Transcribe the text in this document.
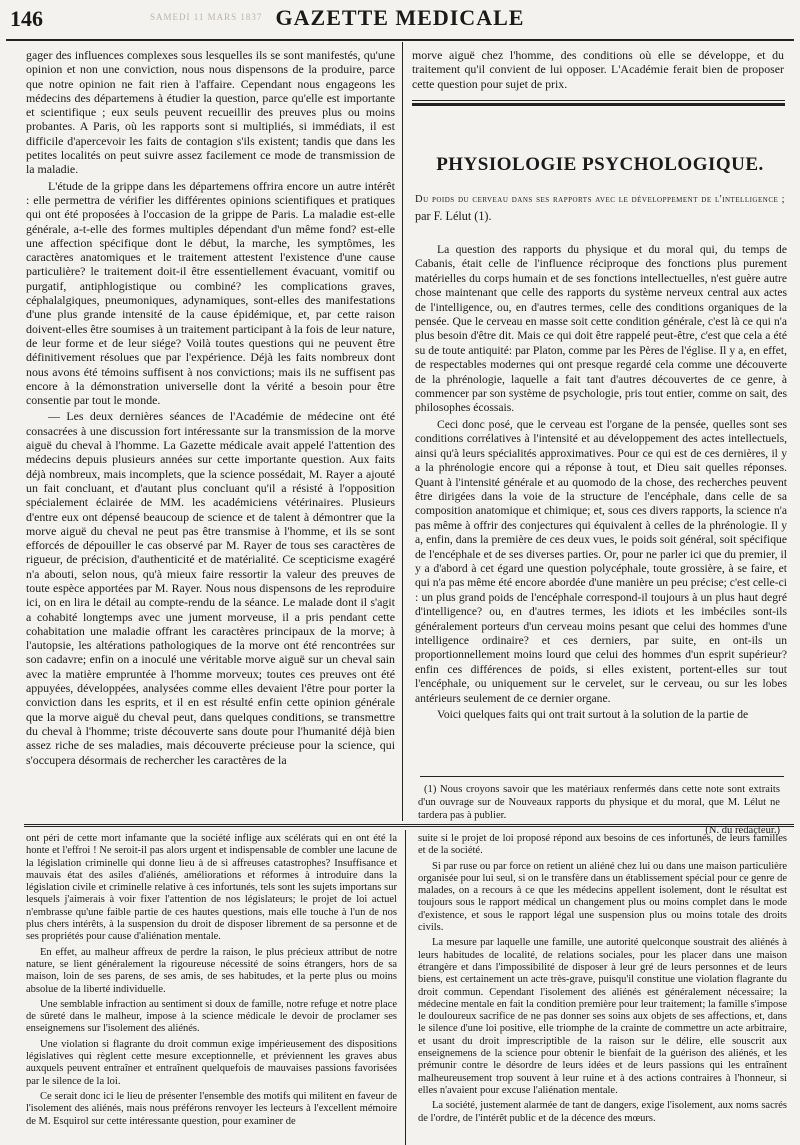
146	SAMEDI 11 MARS 1837 GAZETTE MEDICALE

gager des influences complexes sous lesquelles ils se sont manifestés, qu'une opinion et non une conviction, nous nous dispensons de la produire, parce que notre opinion ne fait rien à l'affaire. Cependant nous engageons les médecins des départemens à étudier la question, parce qu'elle est importante et scientifique ; eux seuls peuvent recueillir des preuves plus ou moins probantes. A Paris, où les rapports sont si multipliés, si immédiats, il est difficile d'apercevoir les faits de contagion s'ils existent; tandis que dans les petites localités on peut suivre assez facilement ce mode de transmission de la maladie.

L'étude de la grippe dans les départemens offrira encore un autre intérêt : elle permettra de vérifier les différentes opinions scientifiques et pratiques qui ont été proposées à l'occasion de la grippe de Paris. La maladie est-elle générale, a-t-elle des formes multiples dépendant d'un même fond? est-elle une affection spécifique dont le début, la marche, les symptômes, les caractères anatomiques et le traitement attestent l'existence d'une cause particulière? le traitement doit-il être essentiellement évacuant, vomitif ou purgatif, antiphlogistique ou combiné? les complications graves, céphalalgiques, pneumoniques, adynamiques, sont-elles des manifestations d'une plus grande intensité de la cause épidémique, et, par cette raison doivent-elles être soumises à un traitement participant à la fois de leur nature, de leur forme et de leur siége? Voilà toutes questions qui ne peuvent être définitivement résolues que par l'expérience. Déjà les faits nombreux dont nous avons été témoins suffisent à nos convictions; mais ils ne suffisent pas encore à la démonstration universelle dont la vérité a besoin pour être consentie par tout le monde.

— Les deux dernières séances de l'Académie de médecine ont été consacrées à une discussion fort intéressante sur la transmission de la morve aiguë du cheval à l'homme. La Gazette médicale avait appelé l'attention des médecins depuis plusieurs années sur cette importante question. Aux faits déjà nombreux, mais incomplets, que la science possédait, M. Rayer a ajouté un fait concluant, et d'autant plus concluant qu'il a résisté à l'opposition spécialement éclairée de MM. les académiciens vétérinaires. Plusieurs d'entre eux ont dépensé beaucoup de science et de talent à démontrer que la morve aiguë du cheval ne peut pas être transmise à l'homme, et ils se sont efforcés de dépouiller le cas observé par M. Rayer de tous ses caractères de rigueur, de précision, d'authenticité et de matérialité. Ce scepticisme exagéré n'a abouti, selon nous, qu'à mieux faire ressortir la valeur des preuves de toute espèce apportées par M. Rayer. Nous nous dispensons de les reproduire ici, on en lira le détail au compte-rendu de la séance. Le malade dont il s'agit a cohabité longtemps avec une jument morveuse, il a pris pendant cette cohabitation une maladie offrant les caractères principaux de la morve; à l'autopsie, les altérations pathologiques de la morve ont été rencontrées sur son cadavre; enfin on a inoculé une véritable morve aiguë sur un cheval sain avec la matière empruntée à l'homme morveux; toutes ces preuves ont été appuyées, développées, analysées comme elles devaient l'être pour porter la conviction dans les esprits, et il en est résulté enfin cette opinion générale que la morve aiguë du cheval peut, dans quelques conditions, se transmettre du cheval à l'homme; triste découverte sans doute pour l'humanité déjà bien assez riche de ses maladies, mais découverte précieuse pour la science, qui s'occupera désormais de rechercher les caractères de la

morve aiguë chez l'homme, des conditions où elle se développe, et du traitement qu'il convient de lui opposer. L'Académie ferait bien de proposer cette question pour sujet de prix.

PHYSIOLOGIE PSYCHOLOGIQUE.
Du poids du cerveau dans ses rapports avec le développement de l'intelligence ; par F. Lélut (1).

La question des rapports du physique et du moral qui, du temps de Cabanis, était celle de l'influence réciproque des fonctions plus purement matérielles du corps humain et de ses fonctions intellectuelles, n'est guère autre chose maintenant que celle des rapports du système nerveux central aux actes de l'intelligence, ou, en d'autres termes, celle des conditions organiques de la pensée. Que le cerveau en masse soit cette condition générale, c'est là ce qui n'a plus besoin d'être dit. Mais ce qui doit être rappelé peut-être, c'est que cela a été su de toute antiquité: par Platon, comme par les Pères de l'église. Il y a, en effet, de respectables modernes qui ont presque regardé cela comme une découverte de la phrénologie, laquelle a fait tant d'autres découvertes de ce genre, à commencer par son système de psychologie, pris tout entier, comme on sait, des philosophes écossais.

Ceci donc posé, que le cerveau est l'organe de la pensée, quelles sont ses conditions corrélatives à l'intensité et au développement des actes intellectuels, ainsi qu'à leurs spécialités approximatives. Pour ce qui est de ces dernières, il y a la phrénologie encore qui a réponse à tout, et Dieu sait quelles réponses. Quant à l'intensité générale et au quomodo de la chose, des recherches peuvent être dirigées dans la voie de la structure de l'encéphale, dans celle de sa composition anatomique et chimique; et, sous ces divers rapports, la science n'a pas même à offrir des conjectures qui équivalent à celles de la phrénologie. Il y a, enfin, dans la première de ces deux vues, le poids soit général, soit spécifique de l'encéphale et de ses diverses parties. Or, pour ne parler ici que du premier, il y a d'abord à cet égard une question polycéphale, toute grossière, à se faire, et qui n'a pas même été encore abordée d'une manière un peu précise; c'est celle-ci : un plus grand poids de l'encéphale correspond-il toujours à un plus haut degré d'intelligence? ou, en d'autres termes, les idiots et les imbéciles sont-ils généralement porteurs d'un cerveau moins pesant que celui des hommes d'une intelligence ordinaire? et ces derniers, par suite, en ont-ils un proportionnellement moins lourd que celui des hommes d'un esprit supérieur? enfin ces différences de poids, si elles existent, portent-elles sur tout l'encéphale, ou uniquement sur le cervelet, sur le cerveau, ou sur les lobes antérieurs seulement de ce dernier organe.

Voici quelques faits qui ont trait surtout à la solution de la partie de

(1) Nous croyons savoir que les matériaux renfermés dans cette note sont extraits d'un ouvrage sur de Nouveaux rapports du physique et du moral, que M. Lélut ne tardera pas à publier.

(N. du rédacteur.)

ont péri de cette mort infamante que la société inflige aux scélérats qui en ont été la honte et l'effroi ! Ne seroit-il pas alors urgent et indispensable de combler une lacune de la législation criminelle qui donne lieu à de si affreuses catastrophes? Insuffisance et mauvais état des asiles d'aliénés, améliorations et réformes à introduire dans la législation civile et criminelle relative à ces infortunés, tels sont les sujets importans sur lesquels j'aimerais à voir fixer l'attention de nos législateurs; le projet de loi actuel n'embrasse qu'une faible partie de ces hautes questions, mais elle touche à l'un de nos plus chers intérêts, à la suspension du droit de disposer librement de sa personne et de ses propriétés pour cause d'aliénation mentale.

En effet, au malheur affreux de perdre la raison, le plus précieux attribut de notre nature, se lient généralement la rigoureuse nécessité de soins étrangers, hors de sa maison, loin de ses parens, de ses amis, de ses habitudes, et la perte plus ou moins absolue de la liberté individuelle.

Une semblable infraction au sentiment si doux de famille, notre refuge et notre place de sûreté dans le malheur, impose à la science médicale le devoir de proclamer ses enseignemens sur l'isolement des aliénés.

Une violation si flagrante du droit commun exige impérieusement des dispositions législatives qui règlent cette mesure exceptionnelle, et préviennent les graves abus auxquels peuvent entraîner et entraînent quelquefois de mauvaises passions favorisées par le silence de la loi.

Ce serait donc ici le lieu de présenter l'ensemble des motifs qui militent en faveur de l'isolement des aliénés, mais nous préférons renvoyer les lecteurs à l'excellent mémoire de M. Esquirol sur cette intéressante question, pour examiner de

suite si le projet de loi proposé répond aux besoins de ces infortunés, de leurs familles et de la société.

Si par ruse ou par force on retient un aliéné chez lui ou dans une maison particulière organisée pour lui seul, si on le transfère dans un établissement spécial pour ce genre de malades, on a recours à ce que les médecins appellent isolement, dont le résultat est toujours sous le rapport médical un changement plus ou moins complet dans le mode d'existence, et sous le rapport légal une suspension plus ou moins totale des droits civils.

La mesure par laquelle une famille, une autorité quelconque soustrait des aliénés à leurs habitudes de localité, de relations sociales, pour les placer dans une maison étrangère et dans l'impossibilité de disposer à leur gré de leurs personnes et de leurs biens, est certainement un acte très-grave, puisqu'il constitue une violation flagrante du droit commun. Cependant l'isolement des aliénés est généralement nécessaire; la médecine mentale en fait la condition première pour leur traitement; la famille s'impose le douloureux sacrifice de ne pas donner ses soins aux objets de ses affections, et, dans le silence d'une loi positive, elle triomphe de la crainte de commettre un acte arbitraire, et usant du droit imprescriptible de la raison sur le délire, elle souscrit aux enseignemens de la science pour obtenir le bienfait de la guérison des aliénés, et les prémunir contre le désordre de leurs idées et de leurs passions qui les entraînent malheureusement trop souvent à leur ruine et à des actions contraires à l'honneur, si elles n'avaient pour excuse l'aliénation mentale.

La société, justement alarmée de tant de dangers, exige l'isolement, aux noms sacrés de l'ordre, de l'intérêt public et de la décence des mœurs.
